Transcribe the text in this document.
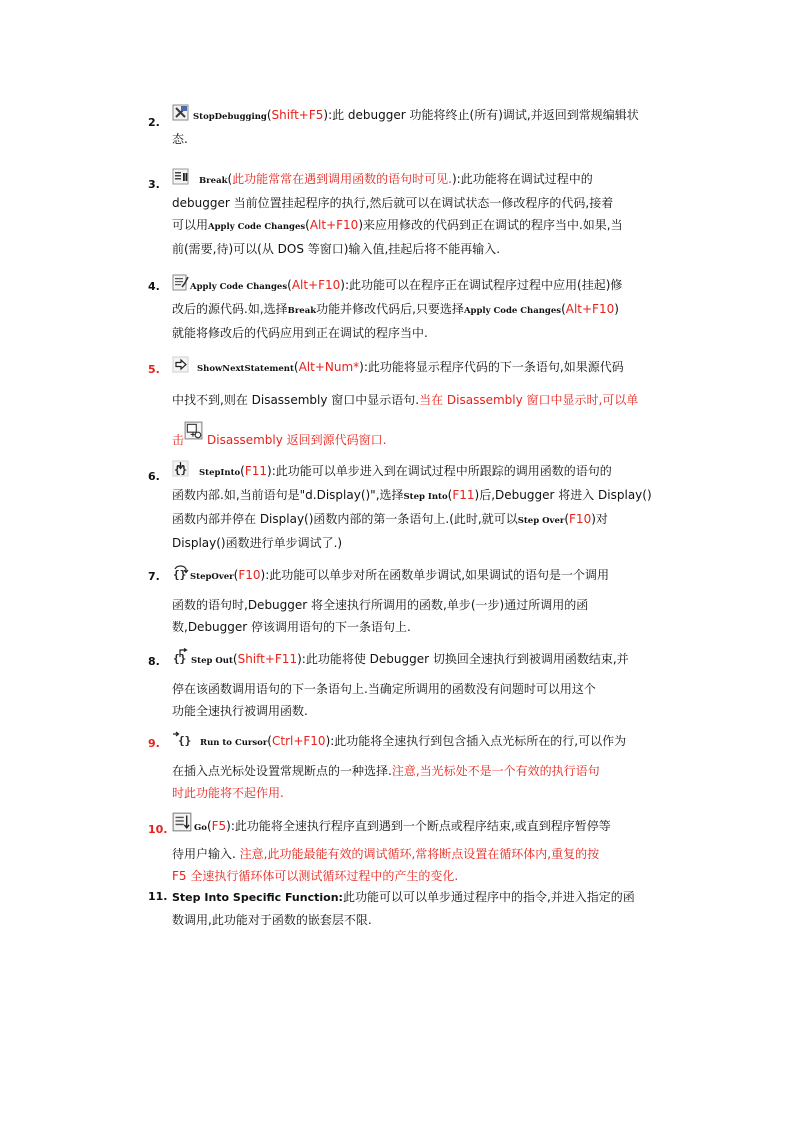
2.	StopDebugging(Shift+F5):此 debugger 功能将终止(所有)调试,并返回到常规编辑状
态.
3.	Break(此功能常常在遇到调用函数的语句时可见.):此功能将在调试过程中的
debugger 当前位置挂起程序的执行,然后就可以在调试状态一修改程序的代码,接着
可以用Apply Code Changes(Alt+F10)来应用修改的代码到正在调试的程序当中.如果,当
前(需要,待)可以(从 DOS 等窗口)输入值,挂起后将不能再输入.
4.	Apply Code Changes(Alt+F10):此功能可以在程序正在调试程序过程中应用(挂起)修
改后的源代码.如,选择Break功能并修改代码后,只要选择Apply Code Changes(Alt+F10)
就能将修改后的代码应用到正在调试的程序当中.
5.	ShowNextStatement(Alt+Num*):此功能将显示程序代码的下一条语句,如果源代码
中找不到,则在 Disassembly 窗口中显示语句.当在 Disassembly 窗口中显示时,可以单
击 Disassembly 返回到源代码窗口.
6.
{} StepInto(F11):此功能可以单步进入到在调试过程中所跟踪的调用函数的语句的
函数内部.如,当前语句是"d.Display()",选择Step Into(F11)后,Debugger 将进入 Display()
函数内部并停在 Display()函数内部的第一条语句上.(此时,就可以Step Over(F10)对
Display()函数进行单步调试了.)
7.	{} StepOver(F10):此功能可以单步对所在函数单步调试,如果调试的语句是一个调用
函数的语句时,Debugger 将全速执行所调用的函数,单步(一步)通过所调用的函
数,Debugger 停该调用语句的下一条语句上.
8.	{} Step Out(Shift+F11):此功能将使 Debugger 切换回全速执行到被调用函数结束,并
停在该函数调用语句的下一条语句上.当确定所调用的函数没有问题时可以用这个
功能全速执行被调用函数.
9.	{} Run to Cursor(Ctrl+F10):此功能将全速执行到包含插入点光标所在的行,可以作为
在插入点光标处设置常规断点的一种选择.注意,当光标处不是一个有效的执行语句
时此功能将不起作用.
10.	Go(F5):此功能将全速执行程序直到遇到一个断点或程序结束,或直到程序暂停等
待用户输入. 注意,此功能最能有效的调试循环,常将断点设置在循环体内,重复的按
F5 全速执行循环体可以测试循环过程中的产生的变化.
11. Step Into Specific Function:此功能可以可以单步通过程序中的指令,并进入指定的函
数调用,此功能对于函数的嵌套层不限.
